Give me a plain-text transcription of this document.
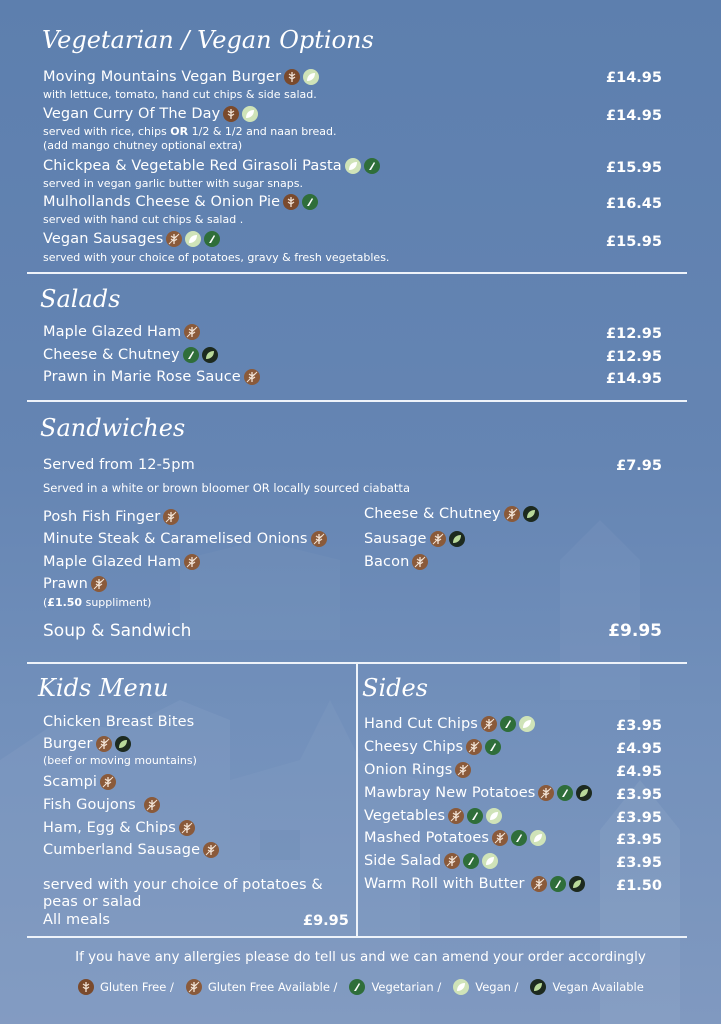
Vegetarian / Vegan Options
Moving Mountains Vegan Burger
with lettuce, tomato, hand cut chips & side salad.
£14.95
Vegan Curry Of The Day
served with rice, chips OR 1/2 & 1/2 and naan bread.
(add mango chutney optional extra)
£14.95
Chickpea & Vegetable Red Girasoli Pasta
served in vegan garlic butter with sugar snaps.
£15.95
Mulhollands Cheese & Onion Pie
served with hand cut chips & salad .
£16.45
Vegan Sausages
served with your choice of potatoes, gravy & fresh vegetables.
£15.95
Salads
Maple Glazed Ham	£12.95
Cheese & Chutney	£12.95
Prawn in Marie Rose Sauce	£14.95
Sandwiches
Served from 12-5pm	£7.95
Served in a white or brown bloomer OR locally sourced ciabatta
Posh Fish Finger
Minute Steak & Caramelised Onions
Maple Glazed Ham
Prawn
(£1.50 suppliment)
Cheese & Chutney
Sausage
Bacon
Soup & Sandwich	£9.95
Kids Menu
Chicken Breast Bites
Burger
(beef or moving mountains)
Scampi
Fish Goujons
Ham, Egg & Chips
Cumberland Sausage
served with your choice of potatoes &
peas or salad
All meals	£9.95
Sides
Hand Cut Chips	£3.95
Cheesy Chips	£4.95
Onion Rings	£4.95
Mawbray New Potatoes	£3.95
Vegetables	£3.95
Mashed Potatoes	£3.95
Side Salad	£3.95
Warm Roll with Butter	£1.50
If you have any allergies please do tell us and we can amend your order accordingly
Gluten Free /	Gluten Free Available /	Vegetarian /	Vegan /	Vegan Available
